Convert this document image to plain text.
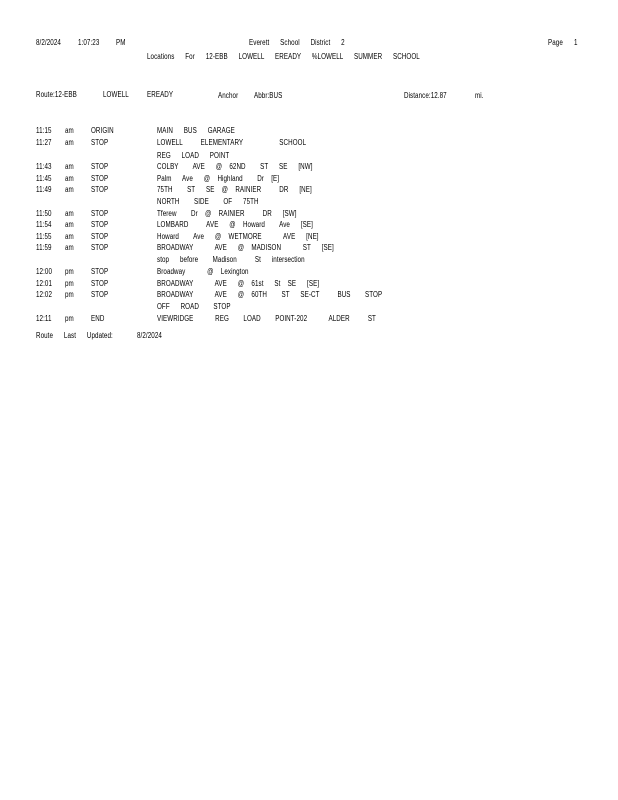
8/2/2024 1:07:23 PM	Everett      School      District      2	Page 1
Locations      For      12-EBB      LOWELL      EREADY      %LOWELL      SUMMER      SCHOOL
Route:12-EBB	LOWELL EREADY	Anchor Abbr:BUS	Distance:12.87	mi.
11:15 am ORIGIN	MAIN      BUS      GARAGE
11:27 am STOP	LOWELL          ELEMENTARY                    SCHOOL
REG      LOAD      POINT
11:43 am STOP	COLBY        AVE      @    62ND        ST      SE      [NW]
11:45 am STOP	Palm      Ave      @    Highland        Dr    [E]
11:49 am STOP	75TH        ST      SE    @    RAINIER          DR      [NE]
NORTH        SIDE        OF      75TH
11:50 am STOP	Tferew        Dr    @    RAINIER          DR      [SW]
11:54 am STOP	LOMBARD          AVE      @    Howard        Ave      [SE]
11:55 am STOP	Howard        Ave      @    WETMORE            AVE      [NE]
11:59 am STOP	BROADWAY            AVE      @    MADISON            ST      [SE]
stop      before        Madison          St      intersection
12:00 pm STOP	Broadway            @    Lexington
12:01 pm STOP	BROADWAY            AVE      @    61st      St    SE      [SE]
12:02 pm STOP	BROADWAY            AVE      @    60TH        ST      SE-CT          BUS        STOP
OFF      ROAD        STOP
12:11 pm END	VIEWRIDGE            REG        LOAD        POINT-202            ALDER          ST
Route      Last      Updated:	8/2/2024
